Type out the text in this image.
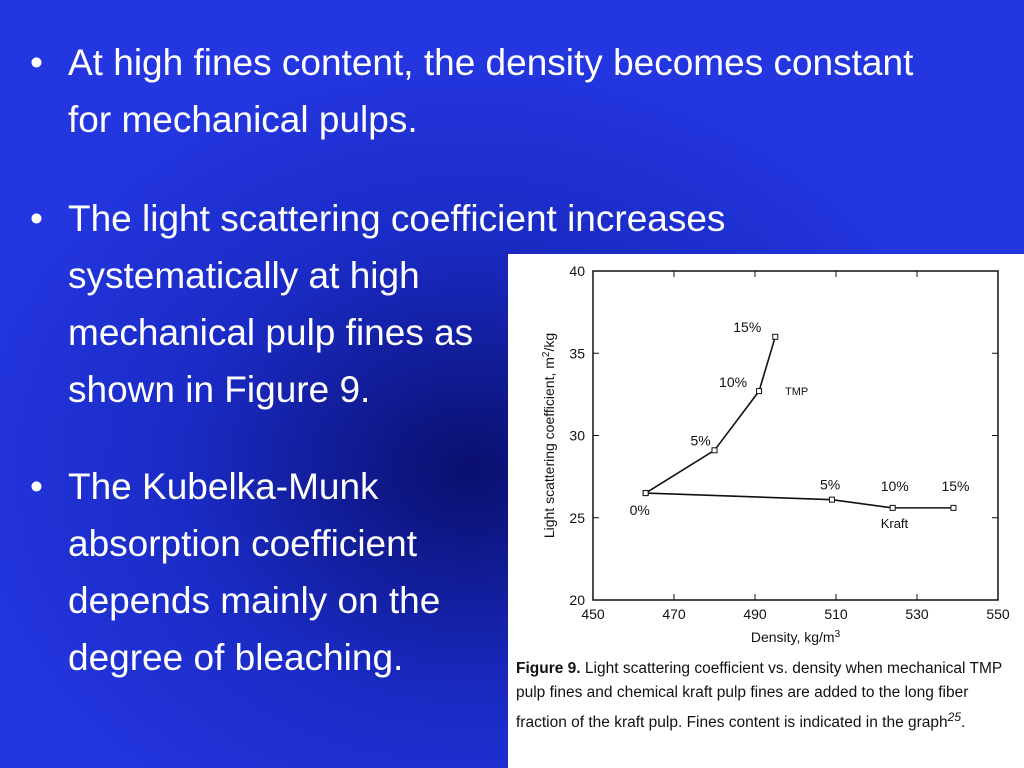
• At high fines content, the density becomes constant for mechanical pulps.
• The light scattering coefficient increases
systematically at high mechanical pulp fines as shown in Figure 9.
• The Kubelka-Munk absorption coefficient depends mainly on the degree of bleaching.
450	470	490	510	530	550
20
25
30
35
40
Density, $kg/m^3$
Light scattering coefficient, $m^2/kg$
5%
10%
15%
0%
5%	10% 15%
TMP
Kraft
Figure 9. Light scattering coefficient vs. density when mechanical TMP pulp fines and chemical kraft pulp fines are added to the long fiber fraction of the kraft pulp. Fines content is indicated in the graph$^{25}$.
